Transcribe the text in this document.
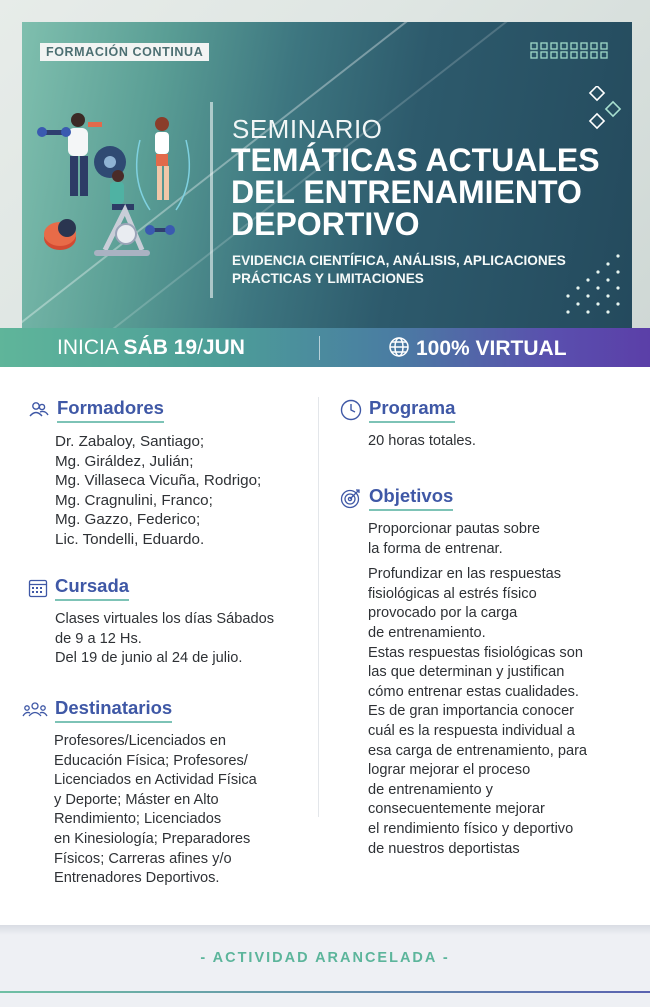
FORMACIÓN CONTINUA
SEMINARIO
TEMÁTICAS ACTUALES
DEL ENTRENAMIENTO
DEPORTIVO
EVIDENCIA CIENTÍFICA, ANÁLISIS, APLICACIONES
PRÁCTICAS Y LIMITACIONES
INICIA SÁB 19/JUN	100% VIRTUAL
Formadores

Dr. Zabaloy, Santiago;

Mg. Giráldez, Julián;

Mg. Villaseca Vicuña, Rodrigo;

Mg. Cragnulini, Franco;

Mg. Gazzo, Federico;

Lic. Tondelli, Eduardo.

Cursada

Clases virtuales los días Sábados

de 9 a 12 Hs.

Del 19 de junio al 24 de julio.

Destinatarios

Profesores/Licenciados en

Educación Física; Profesores/

Licenciados en Actividad Física

y Deporte; Máster en Alto

Rendimiento; Licenciados

en Kinesiología; Preparadores

Físicos; Carreras afines y/o

Entrenadores Deportivos.

Programa

20 horas totales.

Objetivos

Proporcionar pautas sobre

la forma de entrenar.

Profundizar en las respuestas

fisiológicas al estrés físico

provocado por la carga

de entrenamiento.

Estas respuestas fisiológicas son

las que determinan y justifican

cómo entrenar estas cualidades.

Es de gran importancia conocer

cuál es la respuesta individual a

esa carga de entrenamiento, para

lograr mejorar el proceso

de entrenamiento y

consecuentemente mejorar

el rendimiento físico y deportivo

de nuestros deportistas

- ACTIVIDAD ARANCELADA -
